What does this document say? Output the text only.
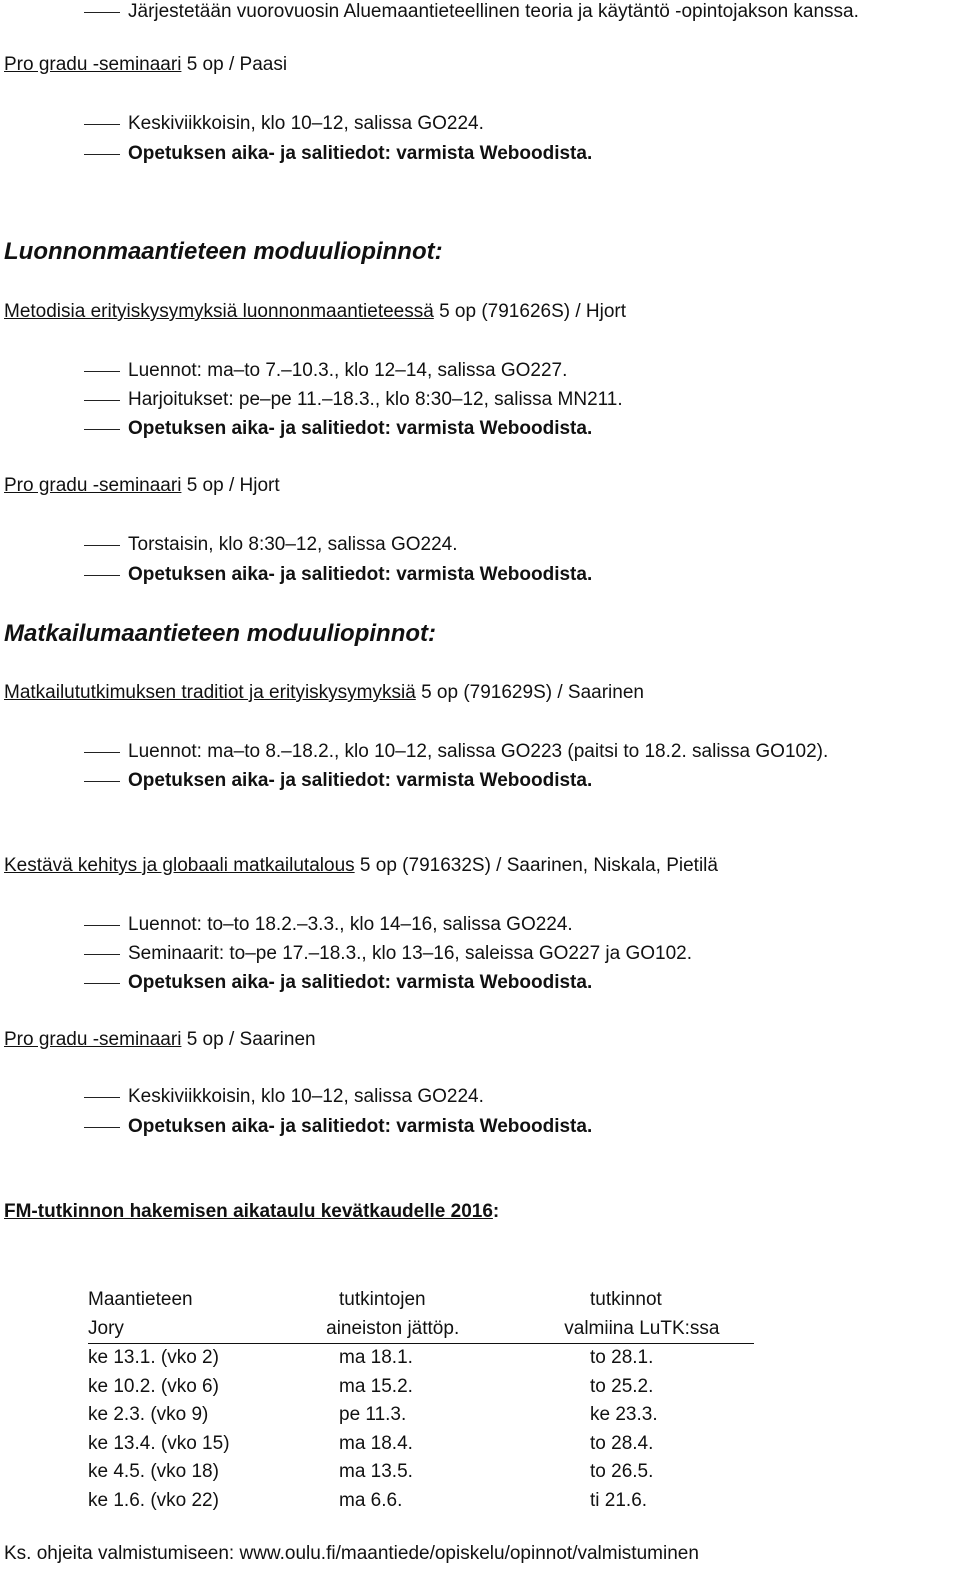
Järjestetään vuorovuosin Aluemaantieteellinen teoria ja käytäntö -opintojakson kanssa.
Pro gradu -seminaari 5 op / Paasi
Keskiviikkoisin, klo 10–12, salissa GO224.
Opetuksen aika- ja salitiedot: varmista Weboodista.
Luonnonmaantieteen moduuliopinnot:
Metodisia erityiskysymyksiä luonnonmaantieteessä 5 op (791626S) / Hjort
Luennot: ma–to 7.–10.3., klo 12–14, salissa GO227.
Harjoitukset: pe–pe 11.–18.3., klo 8:30–12, salissa MN211.
Opetuksen aika- ja salitiedot: varmista Weboodista.
Pro gradu -seminaari 5 op / Hjort
Torstaisin, klo 8:30–12, salissa GO224.
Opetuksen aika- ja salitiedot: varmista Weboodista.
Matkailumaantieteen moduuliopinnot:
Matkailututkimuksen traditiot ja erityiskysymyksiä 5 op (791629S) / Saarinen
Luennot: ma–to 8.–18.2., klo 10–12, salissa GO223 (paitsi to 18.2. salissa GO102).
Opetuksen aika- ja salitiedot: varmista Weboodista.
Kestävä kehitys ja globaali matkailutalous 5 op (791632S) / Saarinen, Niskala, Pietilä
Luennot: to–to 18.2.–3.3., klo 14–16, salissa GO224.
Seminaarit: to–pe 17.–18.3., klo 13–16, saleissa GO227 ja GO102.
Opetuksen aika- ja salitiedot: varmista Weboodista.
Pro gradu -seminaari 5 op / Saarinen
Keskiviikkoisin, klo 10–12, salissa GO224.
Opetuksen aika- ja salitiedot: varmista Weboodista.
FM-tutkinnon hakemisen aikataulu kevätkaudelle 2016:
Maantieteen	tutkintojen	tutkinnot
Jory	aineiston jättöp.	valmiina LuTK:ssa
ke 13.1. (vko 2)	ma 18.1.	to 28.1.
ke 10.2. (vko 6)	ma 15.2.	to 25.2.
ke 2.3. (vko 9)	pe 11.3.	ke 23.3.
ke 13.4. (vko 15)	ma 18.4.	to 28.4.
ke 4.5. (vko 18)	ma 13.5.	to 26.5.
ke 1.6. (vko 22)	ma 6.6.	ti 21.6.
Ks. ohjeita valmistumiseen: www.oulu.fi/maantiede/opiskelu/opinnot/valmistuminen
